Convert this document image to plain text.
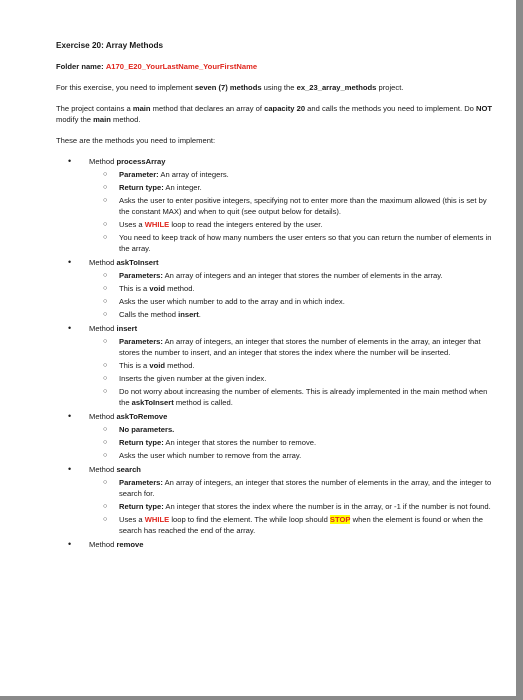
Exercise 20: Array Methods
Folder name: A170_E20_YourLastName_YourFirstName

For this exercise, you need to implement seven (7) methods using the ex_23_array_methods project.

The project contains a main method that declares an array of capacity 20 and calls the methods you need to implement. Do NOT modify the main method.

These are the methods you need to implement:

• Method processArray
○ Parameter: An array of integers.
○ Return type: An integer.
○ Asks the user to enter positive integers, specifying not to enter more than the maximum allowed (this is set by the constant MAX) and when to quit (see output below for details).
○ Uses a WHILE loop to read the integers entered by the user.
○ You need to keep track of how many numbers the user enters so that you can return the number of elements in the array.
• Method askToInsert
○ Parameters: An array of integers and an integer that stores the number of elements in the array.
○ This is a void method.
○ Asks the user which number to add to the array and in which index.
○ Calls the method insert.
• Method insert
○ Parameters: An array of integers, an integer that stores the number of elements in the array, an integer that stores the number to insert, and an integer that stores the index where the number will be inserted.
○ This is a void method.
○ Inserts the given number at the given index.
○ Do not worry about increasing the number of elements. This is already implemented in the main method when the askToInsert method is called.
• Method askToRemove
○ No parameters.
○ Return type: An integer that stores the number to remove.
○ Asks the user which number to remove from the array.
• Method search
○ Parameters: An array of integers, an integer that stores the number of elements in the array, and the integer to search for.
○ Return type: An integer that stores the index where the number is in the array, or -1 if the number is not found.
○ Uses a WHILE loop to find the element. The while loop should STOP when the element is found or when the search has reached the end of the array.
• Method remove
